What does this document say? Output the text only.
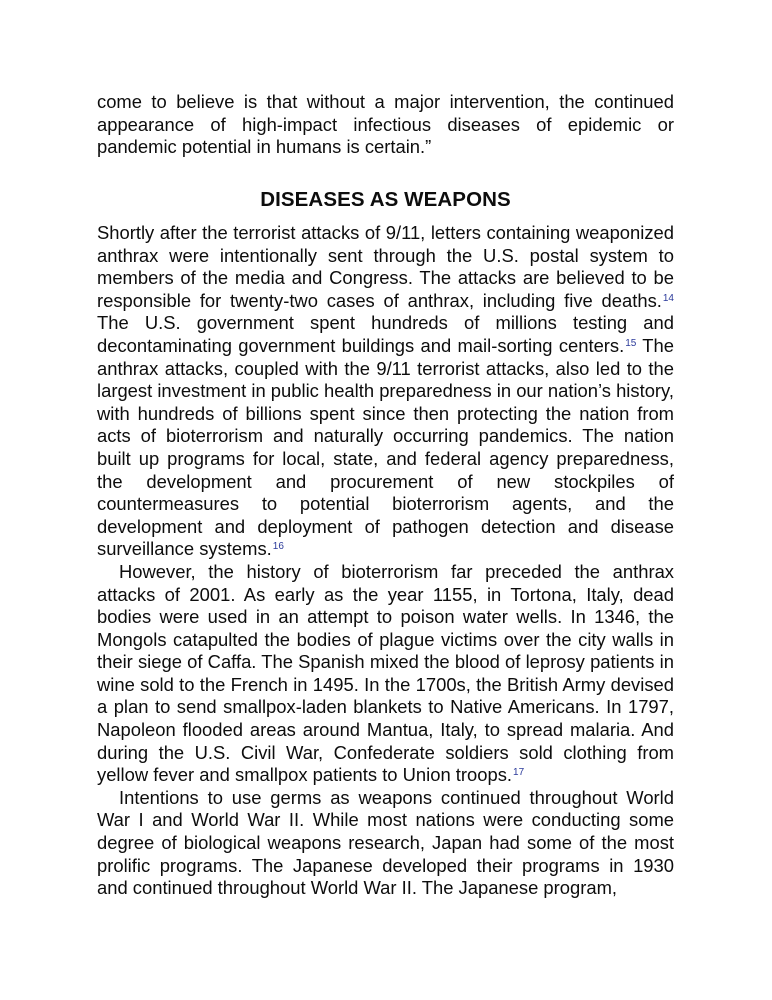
come to believe is that without a major intervention, the continued appearance of high-impact infectious diseases of epidemic or pandemic potential in humans is certain.”
DISEASES AS WEAPONS

Shortly after the terrorist attacks of 9/11, letters containing weaponized anthrax were intentionally sent through the U.S. postal system to members of the media and Congress. The attacks are believed to be responsible for twenty-two cases of anthrax, including five deaths.$^{14}$ The U.S. government spent hundreds of millions testing and decontaminating government buildings and mail-sorting centers.$^{15}$ The anthrax attacks, coupled with the 9/11 terrorist attacks, also led to the largest investment in public health preparedness in our nation’s history, with hundreds of billions spent since then protecting the nation from acts of bioterrorism and naturally occurring pandemics. The nation built up programs for local, state, and federal agency preparedness, the development and procurement of new stockpiles of countermeasures to potential bioterrorism agents, and the development and deployment of pathogen detection and disease surveillance systems.$^{16}$

However, the history of bioterrorism far preceded the anthrax attacks of 2001. As early as the year 1155, in Tortona, Italy, dead bodies were used in an attempt to poison water wells. In 1346, the Mongols catapulted the bodies of plague victims over the city walls in their siege of Caffa. The Spanish mixed the blood of leprosy patients in wine sold to the French in 1495. In the 1700s, the British Army devised a plan to send smallpox-laden blankets to Native Americans. In 1797, Napoleon flooded areas around Mantua, Italy, to spread malaria. And during the U.S. Civil War, Confederate soldiers sold clothing from yellow fever and smallpox patients to Union troops.$^{17}$

Intentions to use germs as weapons continued throughout World War I and World War II. While most nations were conducting some degree of biological weapons research, Japan had some of the most prolific programs. The Japanese developed their programs in 1930 and continued throughout World War II. The Japanese program,
